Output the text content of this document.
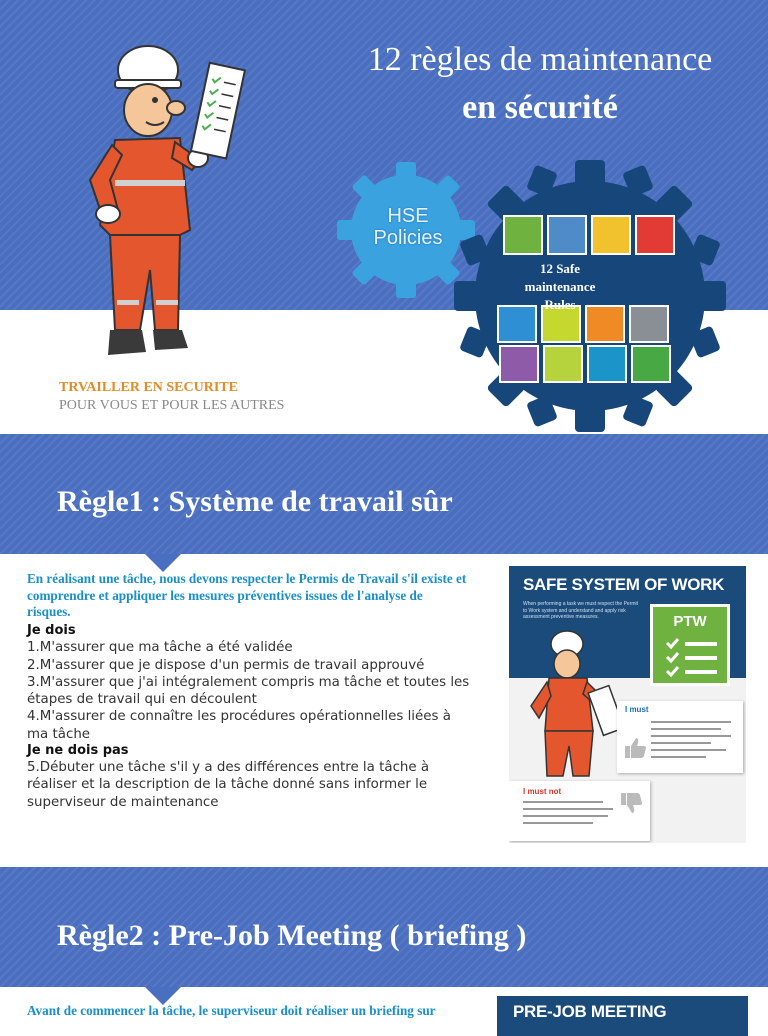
12 règles de maintenance
en sécurité
HSE Policies
12 Safe maintenance Rules
TRVAILLER EN SECURITE
POUR VOUS ET POUR LES AUTRES
Règle1 : Système de travail sûr
En réalisant une tâche, nous devons respecter le Permis de Travail s'il existe et comprendre et appliquer les mesures préventives issues de l'analyse de risques.
Je dois
1.M'assurer que ma tâche a été validée
2.M'assurer que je dispose d'un permis de travail approuvé
3.M'assurer que j'ai intégralement compris ma tâche et toutes les étapes de travail qui en découlent
4.M'assurer de connaître les procédures opérationnelles liées à ma tâche
Je ne dois pas
5.Débuter une tâche s'il y a des différences entre la tâche à réaliser et la description de la tâche donné sans informer le superviseur de maintenance
SAFE SYSTEM OF WORK
When performing a task we must respect the Permit to Work system and understand and apply risk assessment preventive measures.	PTW
I must
I must not
Règle2 : Pre-Job Meeting ( briefing )
Avant de commencer la tâche, le superviseur doit réaliser un briefing sur	PRE-JOB MEETING
